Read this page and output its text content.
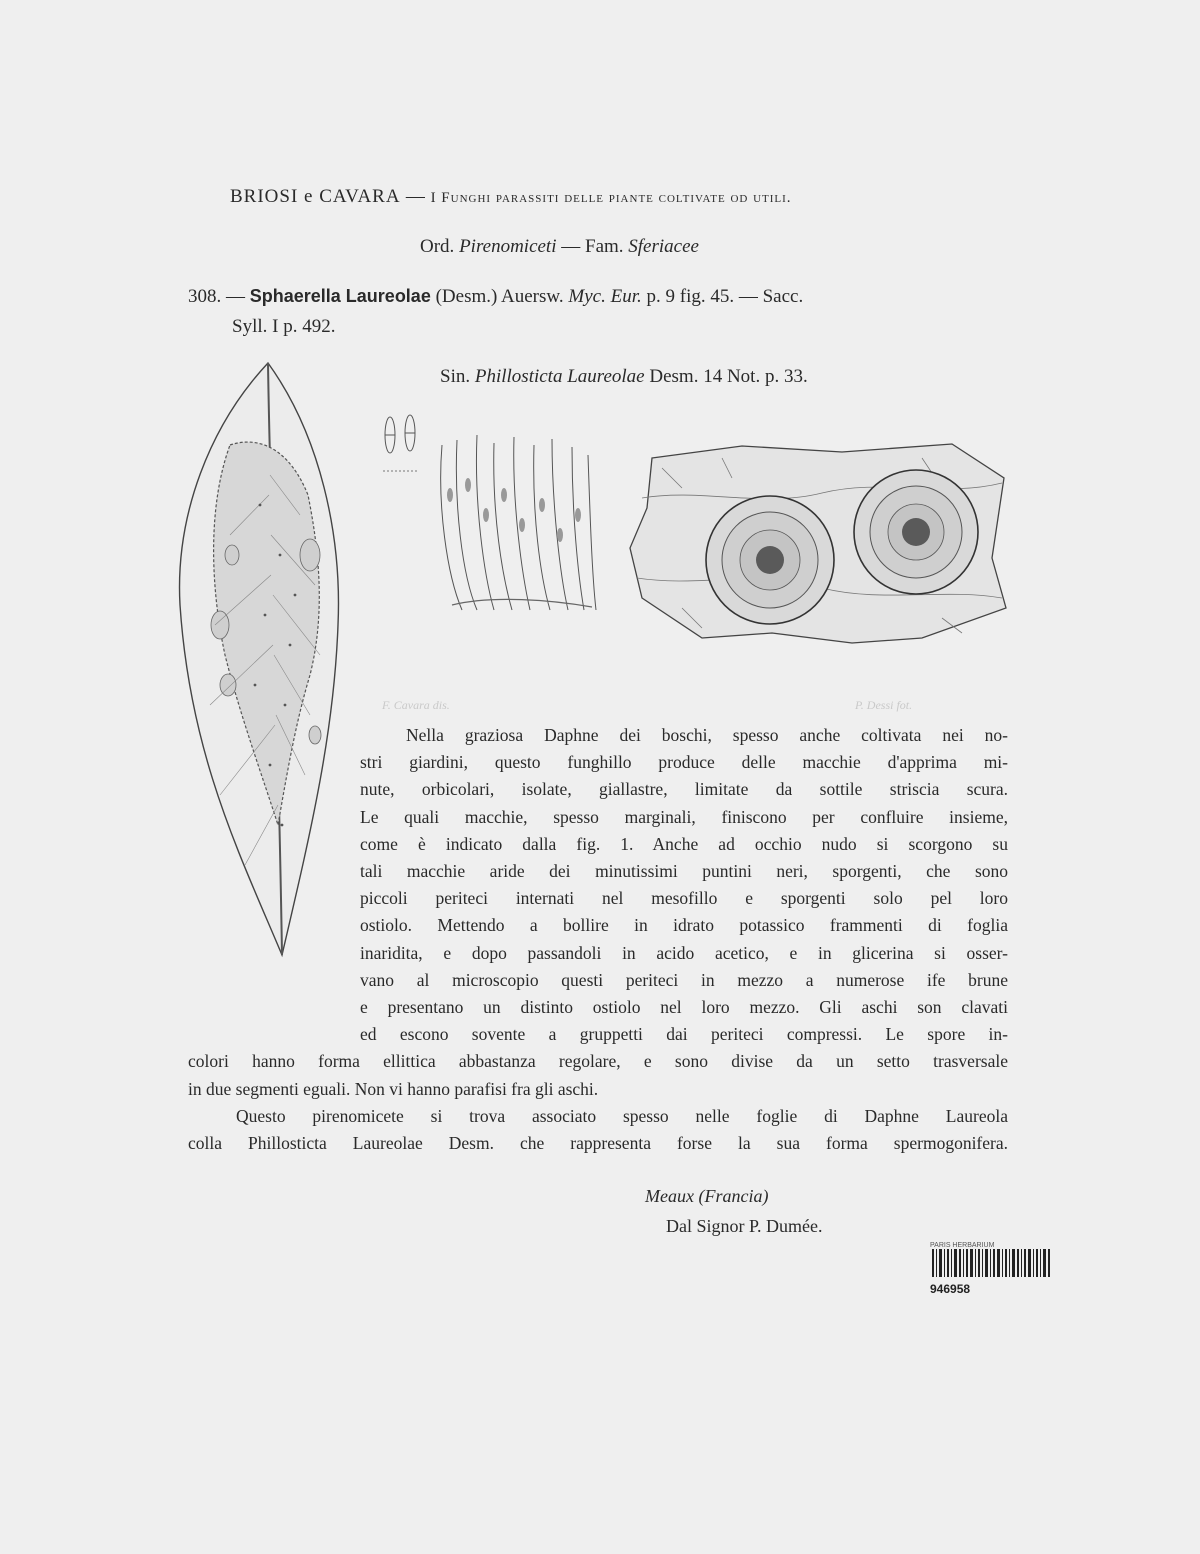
BRIOSI e CAVARA — I Funghi parassiti delle piante coltivate od utili.
Ord. Pirenomiceti — Fam. Sferiacee
308. — Sphaerella Laureolae (Desm.) Auersw. Myc. Eur. p. 9 fig. 45. — Sacc.
Syll. I p. 492.
Sin. Phillosticta Laureolae Desm. 14 Not. p. 33.
F. Cavara dis.	P. Dessi fot.
Nella graziosa Daphne dei boschi, spesso anche coltivata nei no-
stri giardini, questo funghillo produce delle macchie d'apprima mi-
nute, orbicolari, isolate, giallastre, limitate da sottile striscia scura.
Le quali macchie, spesso marginali, finiscono per confluire insieme,
come è indicato dalla fig. 1. Anche ad occhio nudo si scorgono su
tali macchie aride dei minutissimi puntini neri, sporgenti, che sono
piccoli periteci internati nel mesofillo e sporgenti solo pel loro
ostiolo. Mettendo a bollire in idrato potassico frammenti di foglia
inaridita, e dopo passandoli in acido acetico, e in glicerina si osser-
vano al microscopio questi periteci in mezzo a numerose ife brune
e presentano un distinto ostiolo nel loro mezzo. Gli aschi son clavati
ed escono sovente a gruppetti dai periteci compressi. Le spore in-
colori hanno forma ellittica abbastanza regolare, e sono divise da un setto trasversale
in due segmenti eguali. Non vi hanno parafisi fra gli aschi.
Questo pirenomicete si trova associato spesso nelle foglie di Daphne Laureola
colla Phillosticta Laureolae Desm. che rappresenta forse la sua forma spermogonifera.
Meaux (Francia)
Dal Signor P. Dumée.
PARIS HERBARIUM
946958
